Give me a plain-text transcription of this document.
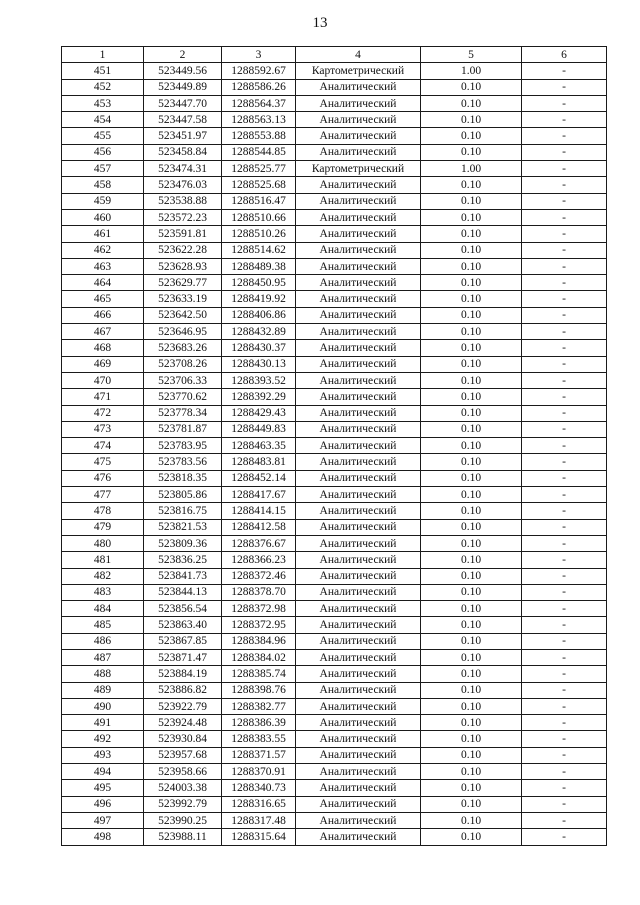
13
1	2	3	4	5	6
451	523449.56	1288592.67	Картометрический	1.00	-
452	523449.89	1288586.26	Аналитический	0.10	-
453	523447.70	1288564.37	Аналитический	0.10	-
454	523447.58	1288563.13	Аналитический	0.10	-
455	523451.97	1288553.88	Аналитический	0.10	-
456	523458.84	1288544.85	Аналитический	0.10	-
457	523474.31	1288525.77	Картометрический	1.00	-
458	523476.03	1288525.68	Аналитический	0.10	-
459	523538.88	1288516.47	Аналитический	0.10	-
460	523572.23	1288510.66	Аналитический	0.10	-
461	523591.81	1288510.26	Аналитический	0.10	-
462	523622.28	1288514.62	Аналитический	0.10	-
463	523628.93	1288489.38	Аналитический	0.10	-
464	523629.77	1288450.95	Аналитический	0.10	-
465	523633.19	1288419.92	Аналитический	0.10	-
466	523642.50	1288406.86	Аналитический	0.10	-
467	523646.95	1288432.89	Аналитический	0.10	-
468	523683.26	1288430.37	Аналитический	0.10	-
469	523708.26	1288430.13	Аналитический	0.10	-
470	523706.33	1288393.52	Аналитический	0.10	-
471	523770.62	1288392.29	Аналитический	0.10	-
472	523778.34	1288429.43	Аналитический	0.10	-
473	523781.87	1288449.83	Аналитический	0.10	-
474	523783.95	1288463.35	Аналитический	0.10	-
475	523783.56	1288483.81	Аналитический	0.10	-
476	523818.35	1288452.14	Аналитический	0.10	-
477	523805.86	1288417.67	Аналитический	0.10	-
478	523816.75	1288414.15	Аналитический	0.10	-
479	523821.53	1288412.58	Аналитический	0.10	-
480	523809.36	1288376.67	Аналитический	0.10	-
481	523836.25	1288366.23	Аналитический	0.10	-
482	523841.73	1288372.46	Аналитический	0.10	-
483	523844.13	1288378.70	Аналитический	0.10	-
484	523856.54	1288372.98	Аналитический	0.10	-
485	523863.40	1288372.95	Аналитический	0.10	-
486	523867.85	1288384.96	Аналитический	0.10	-
487	523871.47	1288384.02	Аналитический	0.10	-
488	523884.19	1288385.74	Аналитический	0.10	-
489	523886.82	1288398.76	Аналитический	0.10	-
490	523922.79	1288382.77	Аналитический	0.10	-
491	523924.48	1288386.39	Аналитический	0.10	-
492	523930.84	1288383.55	Аналитический	0.10	-
493	523957.68	1288371.57	Аналитический	0.10	-
494	523958.66	1288370.91	Аналитический	0.10	-
495	524003.38	1288340.73	Аналитический	0.10	-
496	523992.79	1288316.65	Аналитический	0.10	-
497	523990.25	1288317.48	Аналитический	0.10	-
498	523988.11	1288315.64	Аналитический	0.10	-
